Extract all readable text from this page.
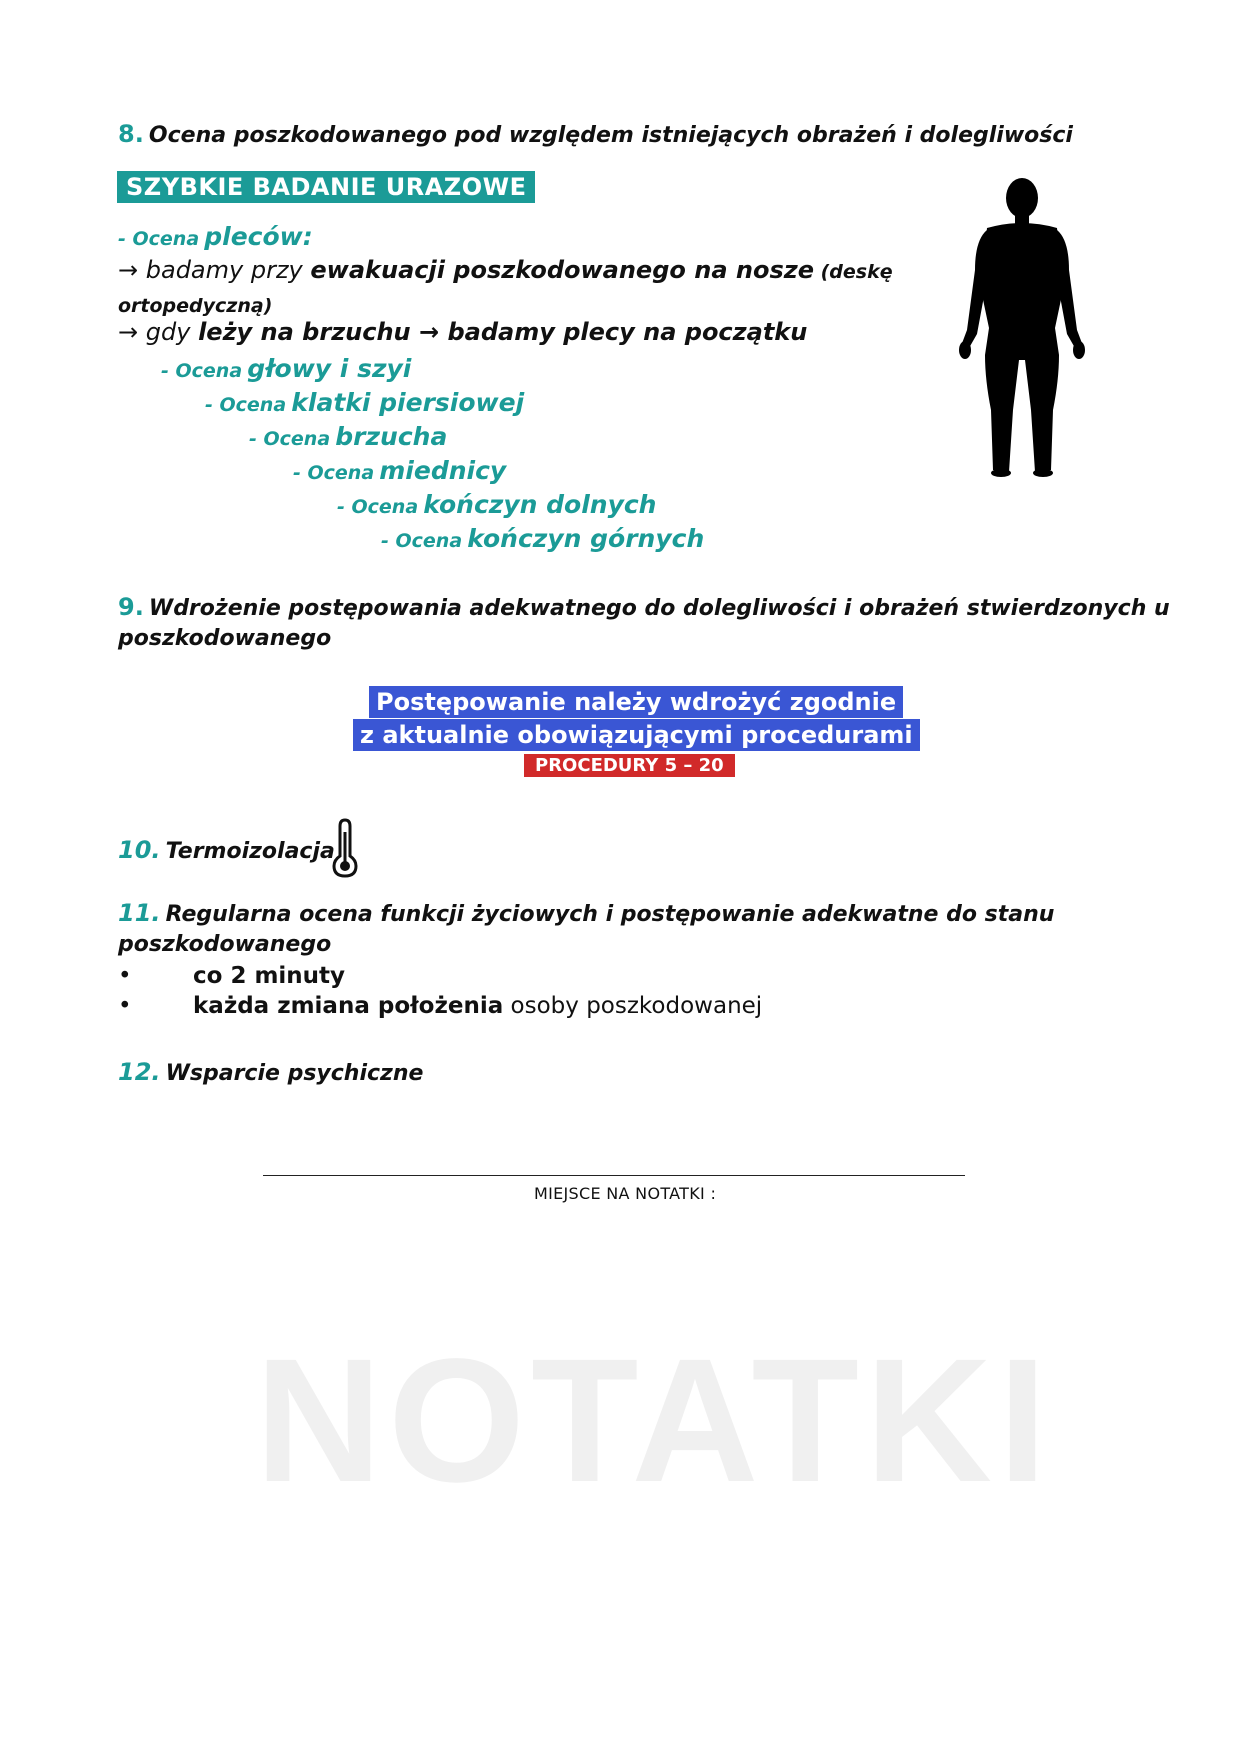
8. Ocena poszkodowanego pod względem istniejących obrażeń i dolegliwości
SZYBKIE BADANIE URAZOWE
- Ocena pleców:
→ badamy przy ewakuacji poszkodowanego na nosze (deskę
ortopedyczną)
→ gdy leży na brzuchu → badamy plecy na początku
- Ocena głowy i szyi
- Ocena klatki piersiowej
- Ocena brzucha
- Ocena miednicy
- Ocena kończyn dolnych
- Ocena kończyn górnych
9. Wdrożenie postępowania adekwatnego do dolegliwości i obrażeń stwierdzonych u
poszkodowanego
Postępowanie należy wdrożyć zgodnie
z aktualnie obowiązującymi procedurami
PROCEDURY 5 – 20
10. Termoizolacja
11. Regularna ocena funkcji życiowych i postępowanie adekwatne do stanu
poszkodowanego
•	co 2 minuty
•	każda zmiana położenia osoby poszkodowanej
12. Wsparcie psychiczne
MIEJSCE NA NOTATKI :
NOTATKI
